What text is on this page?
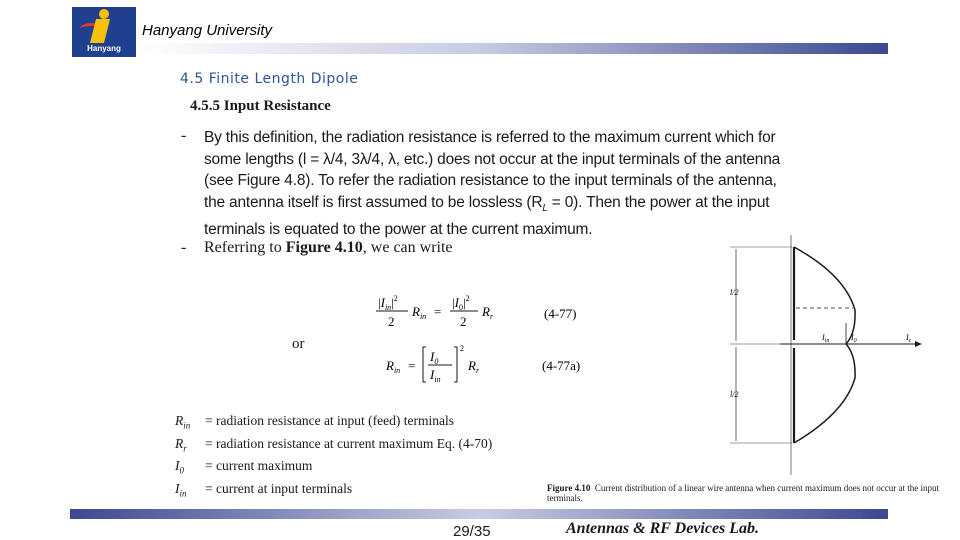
Hanyang
Hanyang University
4.5 Finite Length Dipole
4.5.5 Input Resistance
- By this definition, the radiation resistance is referred to the maximum current which for
some lengths (l = λ/4, 3λ/4, λ, etc.) does not occur at the input terminals of the antenna
(see Figure 4.8). To refer the radiation resistance to the input terminals of the antenna,
the antenna itself is first assumed to be lossless $(R_L = 0)$. Then the power at the input
terminals is equated to the power at the current maximum.
- Referring to Figure 4.10, we can write
$|I_{in}|^2$
2
$R_{in}$ =
$|I_0|^2$
2
$R_r$	(4-77)
$R_{in}$ =
$I_0$
$I_{in}$
2
$R_r$	(4-77a)
or
$R_{in}$ = radiation resistance at input (feed) terminals
$R_r$ = radiation resistance at current maximum Eq. (4-70)
$I_0$ = current maximum
$I_{in}$ = current at input terminals
l/2
l/2
$I_{in}$	$I_0$	$I_z$
Figure 4.10 Current distribution of a linear wire antenna when current maximum does not occur at the input terminals.
29/35	Antennas & RF Devices Lab.
